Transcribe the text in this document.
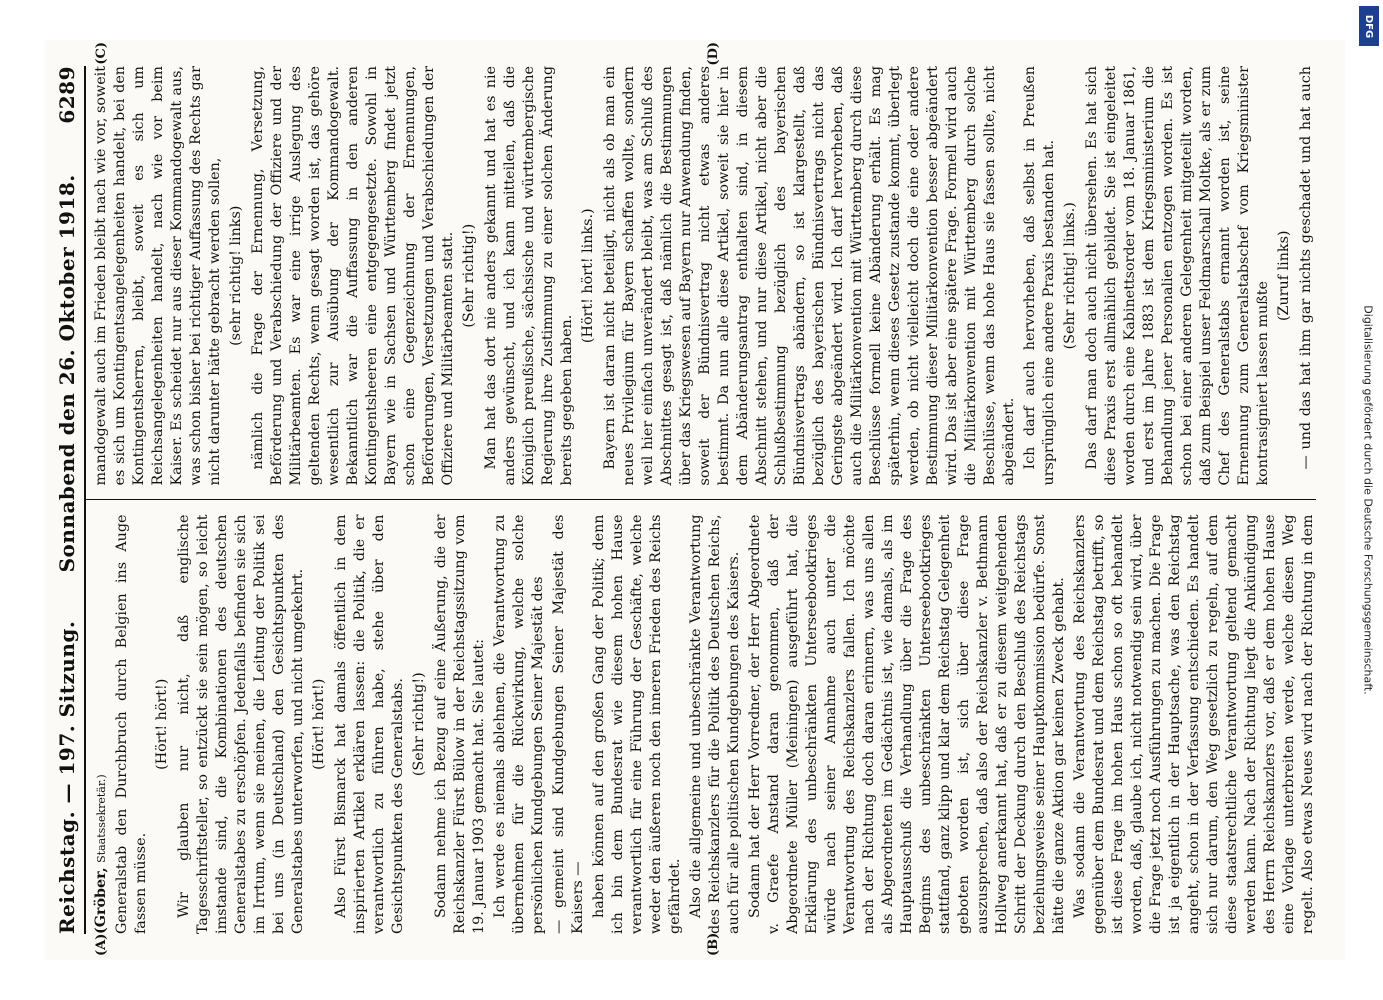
Reichstag. — 197. Sitzung.
Sonnabend den 26. Oktober 1918.
6289
(A)	(B)

(Gröber, Staatssekretär.) Generalstab den Durchbruch durch Belgien ins Auge fassen müsse.

(Hört! hört!) Wir glauben nur nicht, daß englische Tagesschriftsteller, so entzückt sie sein mögen, so leicht imstande sind, die Kombinationen des deutschen Generalstabes zu erschöpfen. Jedenfalls befinden sie sich im Irrtum, wenn sie meinen, die Leitung der Politik sei bei uns (in Deutschland) den Gesichtspunkten des Generalstabes unterworfen, und nicht umgekehrt. (Hört! hört!) Also Fürst Bismarck hat damals öffentlich in dem inspirierten Artikel erklären lassen: die Politik, die er verantwortlich zu führen habe, stehe über den Gesichtspunkten des Generalstabs. (Sehr richtig!) Sodann nehme ich Bezug auf eine Äußerung, die der Reichskanzler Fürst Bülow in der Reichstagssitzung vom 19. Januar 1903 gemacht hat. Sie lautet: Ich werde es niemals ablehnen, die Verantwortung zu übernehmen für die Rückwirkung, welche solche persönlichen Kundgebungen Seiner Majestät des — gemeint sind Kundgebungen Seiner Majestät des Kaisers — haben können auf den großen Gang der Politik; denn ich bin dem Bundesrat wie diesem hohen Hause verantwortlich für eine Führung der Geschäfte, welche weder den äußeren noch den inneren Frieden des Reichs gefährdet. Also die allgemeine und unbeschränkte Verantwortung des Reichskanzlers für die Politik des Deutschen Reichs, auch für alle politischen Kundgebungen des Kaisers. Sodann hat der Herr Vorredner, der Herr Abgeordnete v. Graefe Anstand daran genommen, daß der Abgeordnete Müller (Meiningen) ausgeführt hat, die Erklärung des unbeschränkten Unterseebootkrieges würde nach seiner Annahme auch unter die Verantwortung des Reichskanzlers fallen. Ich möchte nach der Richtung doch daran erinnern, was uns allen als Abgeordneten im Gedächtnis ist, wie damals, als im Hauptausschuß die Verhandlung über die Frage des Beginns des unbeschränkten Unterseebootkrieges stattfand, ganz klipp und klar dem Reichstag Gelegenheit geboten worden ist, sich über diese Frage auszusprechen, daß also der Reichskanzler v. Bethmann Hollweg anerkannt hat, daß er zu diesem weitgehenden Schritt der Deckung durch den Beschluß des Reichstags beziehungsweise seiner Hauptkommission bedürfe. Sonst hätte die ganze Aktion gar keinen Zweck gehabt. Was sodann die Verantwortung des Reichskanzlers gegenüber dem Bundesrat und dem Reichstag betrifft, so ist diese Frage im hohen Haus schon so oft behandelt worden, daß, glaube ich, nicht notwendig sein wird, über die Frage jetzt noch Ausführungen zu machen. Die Frage ist ja eigentlich in der Hauptsache, was den Reichstag angeht, schon in der Verfassung entschieden. Es handelt sich nur darum, den Weg gesetzlich zu regeln, auf dem diese staatsrechtliche Verantwortung geltend gemacht werden kann. Nach der Richtung liegt die Ankündigung des Herrn Reichskanzlers vor, daß er dem hohen Hause eine Vorlage unterbreiten werde, welche diesen Weg regelt. Also etwas Neues wird nach der Richtung in dem

mandogewalt auch im Frieden bleibt nach wie vor, soweit es sich um Kontingentsangelegenheiten handelt, bei den Kontingentsherren, bleibt, soweit es sich um Reichsangelegenheiten handelt, nach wie vor beim Kaiser. Es scheidet nur aus dieser Kommandogewalt aus, was schon bisher bei richtiger Auffassung des Rechts gar nicht darunter hätte gebracht werden sollen, (sehr richtig! links) nämlich die Frage der Ernennung, Versetzung, Beförderung und Verabschiedung der Offiziere und der Militärbeamten. Es war eine irrige Auslegung des geltenden Rechts, wenn gesagt worden ist, das gehöre wesentlich zur Ausübung der Kommandogewalt. Bekanntlich war die Auffassung in den anderen Kontingentsheeren eine entgegengesetzte. Sowohl in Bayern wie in Sachsen und Württemberg findet jetzt schon eine Gegenzeichnung der Ernennungen, Beförderungen, Versetzungen und Verabschiedungen der Offiziere und Militärbeamten statt. (Sehr richtig!) Man hat das dort nie anders gekannt und hat es nie anders gewünscht, und ich kann mitteilen, daß die Königlich preußische, sächsische und württembergische Regierung ihre Zustimmung zu einer solchen Änderung bereits gegeben haben.

(Hört! hört! links.) Bayern ist daran nicht beteiligt, nicht als ob man ein neues Privilegium für Bayern schaffen wollte, sondern weil hier einfach unverändert bleibt, was am Schluß des Abschnittes gesagt ist, daß nämlich die Bestimmungen über das Kriegswesen auf Bayern nur Anwendung finden, soweit der Bündnisvertrag nicht etwas anderes bestimmt. Da nun alle diese Artikel, soweit sie hier in dem Abänderungsantrag enthalten sind, in diesem Abschnitt stehen, und nur diese Artikel, nicht aber die Schlußbestimmung bezüglich des bayerischen Bündnisvertrags abändern, so ist klargestellt, daß bezüglich des bayerischen Bündnisvertrags nicht das Geringste abgeändert wird. Ich darf hervorheben, daß auch die Militärkonvention mit Württemberg durch diese Beschlüsse formell keine Abänderung erhält. Es mag späterhin, wenn dieses Gesetz zustande kommt, überlegt werden, ob nicht vielleicht doch die eine oder andere Bestimmung dieser Militärkonvention besser abgeändert wird. Das ist aber eine spätere Frage. Formell wird auch die Militärkonvention mit Württemberg durch solche Beschlüsse, wenn das hohe Haus sie fassen sollte, nicht abgeändert. Ich darf auch hervorheben, daß selbst in Preußen ursprünglich eine andere Praxis bestanden hat. (Sehr richtig! links.) Das darf man doch auch nicht übersehen. Es hat sich diese Praxis erst allmählich gebildet. Sie ist eingeleitet worden durch eine Kabinettsorder vom 18. Januar 1861, und erst im Jahre 1883 ist dem Kriegsministerium die Behandlung jener Personalien entzogen worden. Es ist schon bei einer anderen Gelegenheit mitgeteilt worden, daß zum Beispiel unser Feldmarschall Moltke, als er zum Chef des Generalstabs ernannt worden ist, seine Ernennung zum Generalstabschef vom Kriegsminister kontrasigniert lassen mußte

(Zuruf links)

— und das hat ihm gar nichts geschadet und hat auch

(C)	(D)
DFG
Digitalisierung gefördert durch die Deutsche Forschungsgemeinschaft.
